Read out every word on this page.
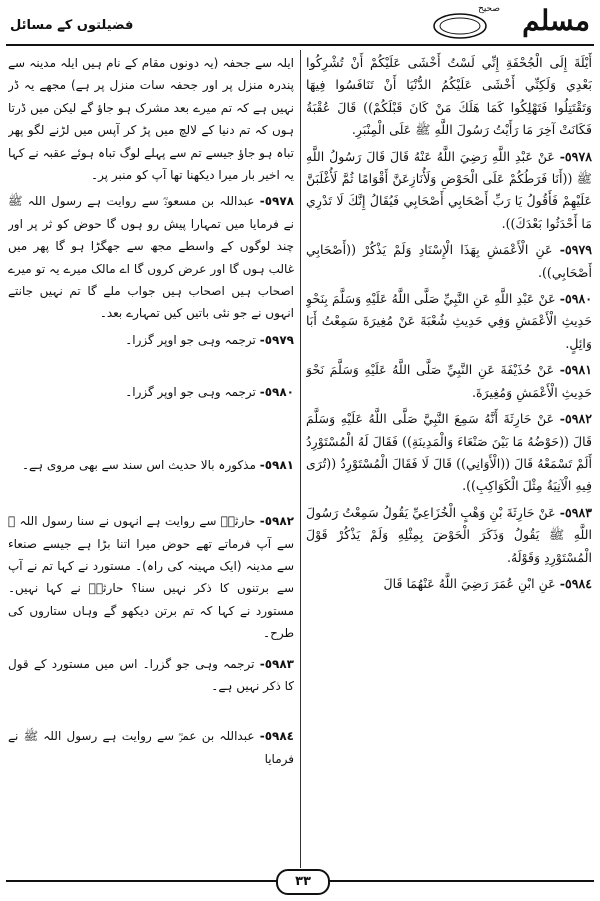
صحیح مسلم
فضیلتوں کے مسائل

أَيْلَةَ إِلَى الْجُحْفَةِ إِنِّي لَسْتُ أَخْشَى عَلَيْكُمْ أَنْ تُشْرِكُوا بَعْدِي وَلَكِنِّي أَخْشَى عَلَيْكُمُ الدُّنْيَا أَنْ تَنَافَسُوا فِيهَا وَتَقْتَتِلُوا فَتَهْلِكُوا كَمَا هَلَكَ مَنْ كَانَ قَبْلَكُمْ)) قَالَ عُقْبَةُ فَكَانَتْ آخِرَ مَا رَأَيْتُ رَسُولَ اللَّهِ ﷺ عَلَى الْمِنْبَرِ.

٥٩٧٨- عَنْ عَبْدِ اللَّهِ رَضِيَ اللَّهُ عَنْهُ قَالَ قَالَ رَسُولُ اللَّهِ ﷺ ((أَنَا فَرَطُكُمْ عَلَى الْحَوْضِ وَلَأُنَازِعَنَّ أَقْوَامًا ثُمَّ لَأُغْلَبَنَّ عَلَيْهِمْ فَأَقُولُ يَا رَبِّ أَصْحَابِي أَصْحَابِي فَيُقَالُ إِنَّكَ لَا تَدْرِي مَا أَحْدَثُوا بَعْدَكَ)).

٥٩٧٩- عَنِ الْأَعْمَشِ بِهَذَا الْإِسْنَادِ وَلَمْ يَذْكُرْ ((أَصْحَابِي أَصْحَابِي)).

٥٩٨٠- عَنْ عَبْدِ اللَّهِ عَنِ النَّبِيِّ صَلَّى اللَّهُ عَلَيْهِ وَسَلَّمَ بِنَحْوِ حَدِيثِ الْأَعْمَشِ وَفِي حَدِيثِ شُعْبَةَ عَنْ مُغِيرَةَ سَمِعْتُ أَبَا وَائِلٍ.

٥٩٨١- عَنْ حُذَيْفَةَ عَنِ النَّبِيِّ صَلَّى اللَّهُ عَلَيْهِ وَسَلَّمَ نَحْوَ حَدِيثِ الْأَعْمَشِ وَمُغِيرَةَ.

٥٩٨٢- عَنْ حَارِثَةَ أَنَّهُ سَمِعَ النَّبِيَّ صَلَّى اللَّهُ عَلَيْهِ وَسَلَّمَ قَالَ ((حَوْضُهُ مَا بَيْنَ صَنْعَاءَ وَالْمَدِينَةِ)) فَقَالَ لَهُ الْمُسْتَوْرِدُ أَلَمْ تَسْمَعْهُ قَالَ ((الْأَوَانِي)) قَالَ لَا فَقَالَ الْمُسْتَوْرِدُ ((تُرَى فِيهِ الْآنِيَةُ مِثْلَ الْكَوَاكِبِ)).

٥٩٨٣- عَنْ حَارِثَةَ بْنِ وَهْبٍ الْخُزَاعِيِّ يَقُولُ سَمِعْتُ رَسُولَ اللَّهِ ﷺ يَقُولُ وَذَكَرَ الْحَوْضَ بِمِثْلِهِ وَلَمْ يَذْكُرْ قَوْلَ الْمُسْتَوْرِدِ وَقَوْلَهُ.

٥٩٨٤- عَنِ ابْنِ عُمَرَ رَضِيَ اللَّهُ عَنْهُمَا قَالَ

ایلہ سے جحفہ (یہ دونوں مقام کے نام ہیں ایلہ مدینہ سے پندرہ منزل پر اور جحفہ سات منزل پر ہے) مجھے یہ ڈر نہیں ہے کہ تم میرے بعد مشرک ہو جاؤ گے لیکن میں ڈرتا ہوں کہ تم دنیا کے لالچ میں پڑ کر آپس میں لڑنے لگو پھر تباہ ہو جاؤ جیسے تم سے پہلے لوگ تباہ ہوئے عقبہ نے کہا یہ اخیر بار میرا دیکھنا تھا آپ کو منبر پر۔

٥٩٧٨- عبداللہ بن مسعودؓ سے روایت ہے رسول اللہ ﷺ نے فرمایا میں تمہارا پیش رو ہوں گا حوض کو ثر پر اور چند لوگوں کے واسطے مجھ سے جھگڑا ہو گا پھر میں غالب ہوں گا اور عرض کروں گا اے مالک میرے یہ تو میرے اصحاب ہیں اصحاب ہیں جواب ملے گا تم نہیں جانتے انہوں نے جو نئی باتیں کیں تمہارے بعد۔

٥٩٧٩- ترجمہ وہی جو اوپر گزرا۔

٥٩٨٠- ترجمہ وہی جو اوپر گزرا۔

٥٩٨١- مذکورہ بالا حدیث اس سند سے بھی مروی ہے۔

٥٩٨٢- حارثہؓ سے روایت ہے انہوں نے سنا رسول اللہ ﷺ سے آپ فرماتے تھے حوض میرا اتنا بڑا ہے جیسے صنعاء سے مدینہ (ایک مہینہ کی راہ)۔ مستورد نے کہا تم نے آپ سے برتنوں کا ذکر نہیں سنا؟ حارثہؓ نے کہا نہیں۔ مستورد نے کہا کہ تم برتن دیکھو گے وہاں ستاروں کی طرح۔

٥٩٨٣- ترجمہ وہی جو گزرا۔ اس میں مستورد کے قول کا ذکر نہیں ہے۔

٥٩٨٤- عبداللہ بن عمرؓ سے روایت ہے رسول اللہ ﷺ نے فرمایا

۳۳
